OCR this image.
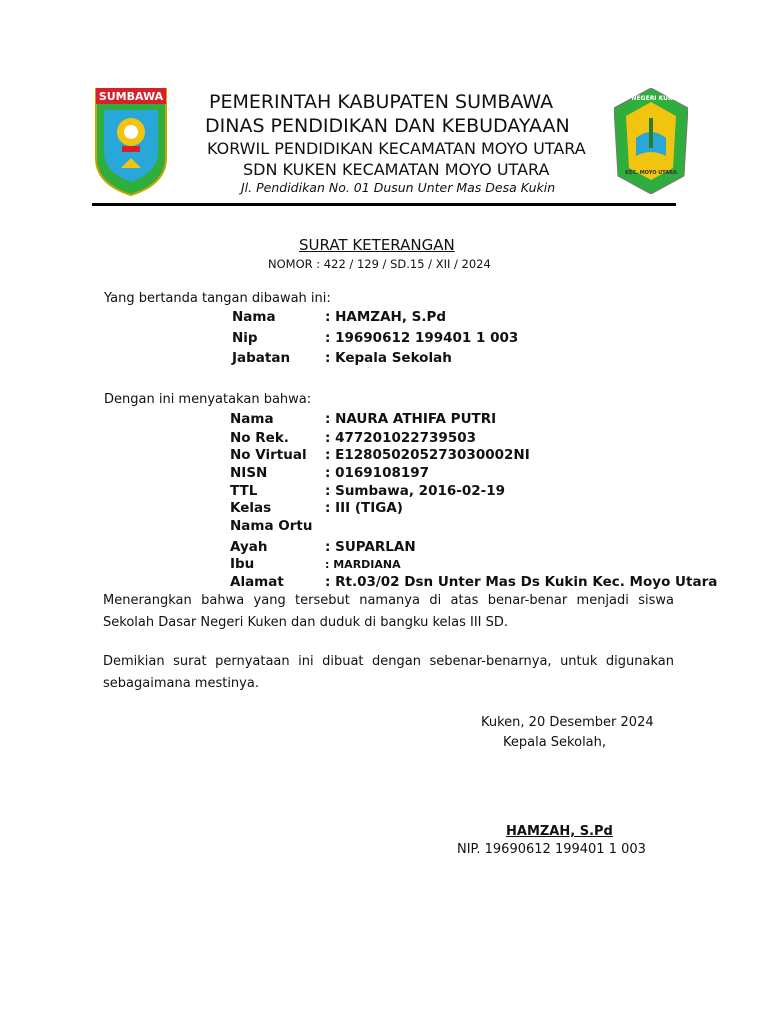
SUMBAWA	SD NEGERI KUKEN
KEC. MOYO UTARA
PEMERINTAH KABUPATEN SUMBAWA
DINAS PENDIDIKAN DAN KEBUDAYAAN
KORWIL PENDIDIKAN KECAMATAN MOYO UTARA
SDN KUKEN KECAMATAN MOYO UTARA
Jl. Pendidikan No. 01 Dusun Unter Mas Desa Kukin
SURAT KETERANGAN
NOMOR : 422 / 129 / SD.15 / XII / 2024
Yang bertanda tangan dibawah ini:
Nama	: HAMZAH, S.Pd
Nip	: 19690612 199401 1 003
Jabatan	: Kepala Sekolah
Dengan ini menyatakan bahwa:
Nama	: NAURA ATHIFA PUTRI
No Rek.	: 477201022739503
No Virtual : E128050205273030002NI
NISN	: 0169108197
TTL	: Sumbawa, 2016-02-19
Kelas	: III (TIGA)
Nama Ortu
Ayah	: SUPARLAN
Ibu	: MARDIANA
Alamat	: Rt.03/02 Dsn Unter Mas Ds Kukin Kec. Moyo Utara
Menerangkan bahwa yang tersebut namanya di atas benar-benar menjadi siswa Sekolah Dasar Negeri Kuken dan duduk di bangku kelas III SD.
Demikian surat pernyataan ini dibuat dengan sebenar-benarnya, untuk digunakan sebagaimana mestinya.
Kuken, 20 Desember 2024
Kepala Sekolah,
HAMZAH, S.Pd
NIP. 19690612 199401 1 003
